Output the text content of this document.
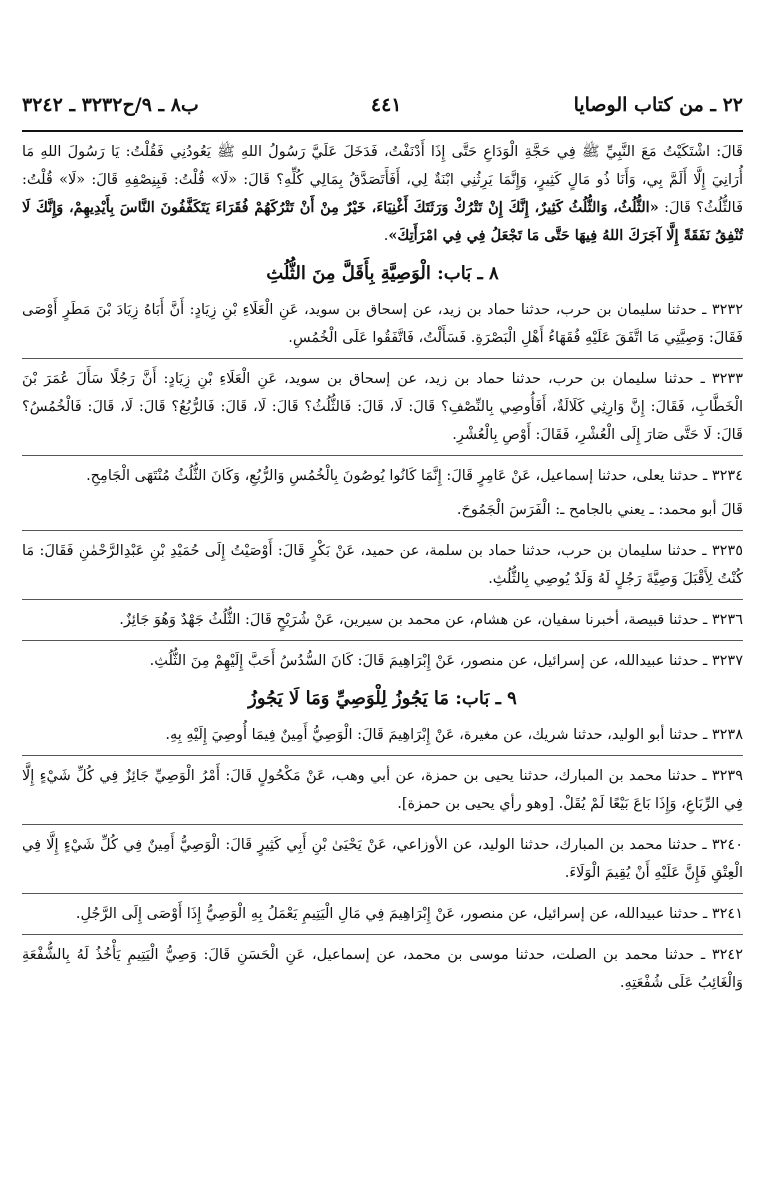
٢٢ ـ من كتاب الوصايا
٤٤١
ب٨ ـ ٩/ح٣٢٣٢ ـ ٣٢٤٢

قَالَ: اشْتَكَيْتُ مَعَ النَّبِيِّ ﷺ فِي حَجَّةِ الْوَدَاعِ حَتَّى إِذَا أَدْنَفْتُ، فَدَخَلَ عَلَيَّ رَسُولُ اللهِ ﷺ يَعُودُنِي فَقُلْتُ: يَا رَسُولَ اللهِ مَا أُرَانِيَ إِلَّا أَلَمَّ بِي، وَأَنَا ذُو مَالٍ كَثِيرٍ، وَإِنَّمَا يَرِثُنِي ابْنَةٌ لِي، أَفَأَتَصَدَّقُ بِمَالِي كُلِّهِ؟ قَالَ: «لَا» قُلْتُ: فَبِنِصْفِهِ قَالَ: «لَا» قُلْتُ: فَالثُّلُثُ؟ قَالَ: «الثُّلُثُ، وَالثُّلُثُ كَثِيرٌ، إِنَّكَ إِنْ تَتْرُكْ وَرَثَتَكَ أَغْنِيَاءَ، خَيْرٌ مِنْ أَنْ تَتْرُكَهُمْ فُقَرَاءَ يَتَكَفَّفُونَ النَّاسَ بِأَيْدِيهِمْ، وَإِنَّكَ لَا تُنْفِقُ نَفَقَةً إِلَّا آجَرَكَ اللهُ فِيهَا حَتَّى مَا تَجْعَلُ فِي فِي امْرَأَتِكَ».

٨ ـ بَاب: الْوَصِيَّةِ بِأَقَلَّ مِنَ الثُّلُثِ

٣٢٣٢ ـ حدثنا سليمان بن حرب، حدثنا حماد بن زيد، عن إسحاق بن سويد، عَنِ الْعَلَاءِ بْنِ زِيَادٍ: أَنَّ أَبَاهُ زِيَادَ بْنَ مَطَرٍ أَوْصَى فَقَالَ: وَصِيَّتِي مَا اتَّفَقَ عَلَيْهِ فُقَهَاءُ أَهْلِ الْبَصْرَةِ. فَسَأَلْتُ، فَاتَّفَقُوا عَلَى الْخُمُسِ.

٣٢٣٣ ـ حدثنا سليمان بن حرب، حدثنا حماد بن زيد، عن إسحاق بن سويد، عَنِ الْعَلَاءِ بْنِ زِيَادٍ: أَنَّ رَجُلًا سَأَلَ عُمَرَ بْنَ الْخَطَّابِ، فَقَالَ: إِنَّ وَارِثِي كَلَالَةٌ، أَفَأُوصِي بِالنِّصْفِ؟ قَالَ: لَا، قَالَ: فَالثُّلُثُ؟ قَالَ: لَا، قَالَ: فَالرُّبُعُ؟ قَالَ: لَا، قَالَ: فَالْخُمُسُ؟ قَالَ: لَا حَتَّى صَارَ إِلَى الْعُشْرِ، فَقَالَ: أَوْصِ بِالْعُشْرِ.

٣٢٣٤ ـ حدثنا يعلى، حدثنا إسماعيل، عَنْ عَامِرٍ قَالَ: إِنَّمَا كَانُوا يُوصُونَ بِالْخُمُسِ وَالرُّبُعِ، وَكَانَ الثُّلُثُ مُنْتَهَى الْجَامِحِ.

قَالَ أبو محمد: ـ يعني بالجامح ـ: الْفَرَسَ الْجَمُوحَ.

٣٢٣٥ ـ حدثنا سليمان بن حرب، حدثنا حماد بن سلمة، عن حميد، عَنْ بَكْرٍ قَالَ: أَوْصَيْتُ إِلَى حُمَيْدِ بْنِ عَبْدِالرَّحْمٰنِ فَقَالَ: مَا كُنْتُ لِأَقْبَلَ وَصِيَّةَ رَجُلٍ لَهُ وَلَدٌ يُوصِي بِالثُّلُثِ.

٣٢٣٦ ـ حدثنا قبيصة، أخبرنا سفيان، عن هشام، عن محمد بن سيرين، عَنْ شُرَيْحٍ قَالَ: الثُّلُثُ جَهْدٌ وَهُوَ جَائِزٌ.

٣٢٣٧ ـ حدثنا عبيدالله، عن إسرائيل، عن منصور، عَنْ إِبْرَاهِيمَ قَالَ: كَانَ السُّدُسُ أَحَبَّ إِلَيْهِمْ مِنَ الثُّلُثِ.

٩ ـ بَاب: مَا يَجُوزُ لِلْوَصِيِّ وَمَا لَا يَجُوزُ

٣٢٣٨ ـ حدثنا أبو الوليد، حدثنا شريك، عن مغيرة، عَنْ إِبْرَاهِيمَ قَالَ: الْوَصِيُّ أَمِينٌ فِيمَا أُوصِيَ إِلَيْهِ بِهِ.

٣٢٣٩ ـ حدثنا محمد بن المبارك، حدثنا يحيى بن حمزة، عن أبي وهب، عَنْ مَكْحُولٍ قَالَ: أَمْرُ الْوَصِيِّ جَائِزٌ فِي كُلِّ شَيْءٍ إِلَّا فِي الرِّبَاعِ، وَإِذَا بَاعَ بَيْعًا لَمْ يُقَلْ. [وهو رأي يحيى بن حمزة].

٣٢٤٠ ـ حدثنا محمد بن المبارك، حدثنا الوليد، عن الأوزاعي، عَنْ يَحْيَىٰ بْنِ أَبِي كَثِيرٍ قَالَ: الْوَصِيُّ أَمِينٌ فِي كُلِّ شَيْءٍ إِلَّا فِي الْعِتْقِ فَإِنَّ عَلَيْهِ أَنْ يُقِيمَ الْوَلَاءَ.

٣٢٤١ ـ حدثنا عبيدالله، عن إسرائيل، عن منصور، عَنْ إِبْرَاهِيمَ فِي مَالِ الْيَتِيمِ يَعْمَلُ بِهِ الْوَصِيُّ إِذَا أَوْصَى إِلَى الرَّجُلِ.

٣٢٤٢ ـ حدثنا محمد بن الصلت، حدثنا موسى بن محمد، عن إسماعيل، عَنِ الْحَسَنِ قَالَ: وَصِيُّ الْيَتِيمِ يَأْخُذُ لَهُ بِالشُّفْعَةِ وَالْغَائِبُ عَلَى شُفْعَتِهِ.
